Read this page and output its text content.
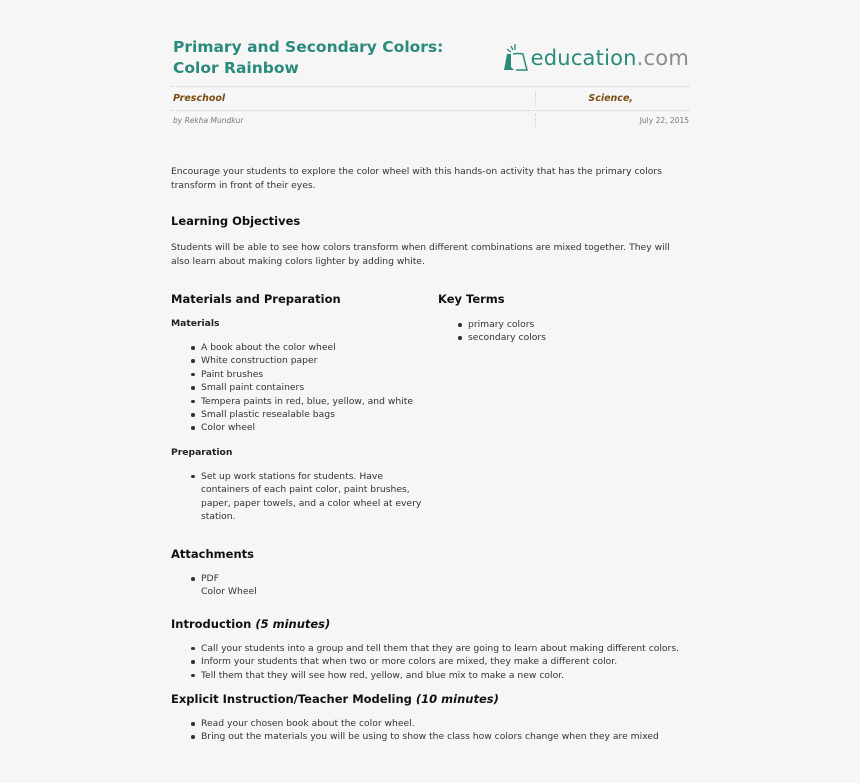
Primary and Secondary Colors:
Color Rainbow	education.com
Preschool	Science,
by Rekha Mundkur	July 22, 2015

Encourage your students to explore the color wheel with this hands-on activity that has the primary colors transform in front of their eyes.

Learning Objectives

Students will be able to see how colors transform when different combinations are mixed together. They will also learn about making colors lighter by adding white.

Materials and Preparation
Materials
A book about the color wheel
White construction paper
Paint brushes
Small paint containers
Tempera paints in red, blue, yellow, and white
Small plastic resealable bags
Color wheel
Preparation
Set up work stations for students. Have containers of each paint color, paint brushes, paper, paper towels, and a color wheel at every station.
Key Terms
primary colors
secondary colors
Attachments
PDF
Color Wheel
Introduction (5 minutes)
Call your students into a group and tell them that they are going to learn about making different colors.
Inform your students that when two or more colors are mixed, they make a different color.
Tell them that they will see how red, yellow, and blue mix to make a new color.
Explicit Instruction/Teacher Modeling (10 minutes)
Read your chosen book about the color wheel.
Bring out the materials you will be using to show the class how colors change when they are mixed
